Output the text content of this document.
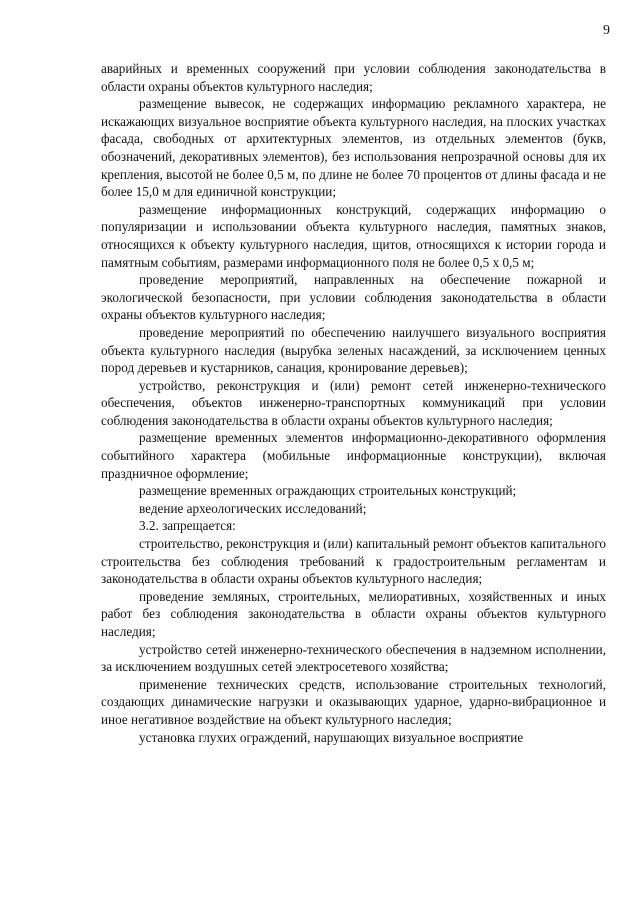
9

аварийных и временных сооружений при условии соблюдения законодательства в области охраны объектов культурного наследия;

размещение вывесок, не содержащих информацию рекламного характера, не искажающих визуальное восприятие объекта культурного наследия, на плоских участках фасада, свободных от архитектурных элементов, из отдельных элементов (букв, обозначений, декоративных элементов), без использования непрозрачной основы для их крепления, высотой не более 0,5 м, по длине не более 70 процентов от длины фасада и не более 15,0 м для единичной конструкции;

размещение информационных конструкций, содержащих информацию о популяризации и использовании объекта культурного наследия, памятных знаков, относящихся к объекту культурного наследия, щитов, относящихся к истории города и памятным событиям, размерами информационного поля не более 0,5 х 0,5 м;

проведение мероприятий, направленных на обеспечение пожарной и экологической безопасности, при условии соблюдения законодательства в области охраны объектов культурного наследия;

проведение мероприятий по обеспечению наилучшего визуального восприятия объекта культурного наследия (вырубка зеленых насаждений, за исключением ценных пород деревьев и кустарников, санация, кронирование деревьев);

устройство, реконструкция и (или) ремонт сетей инженерно-технического обеспечения, объектов инженерно-транспортных коммуникаций при условии соблюдения законодательства в области охраны объектов культурного наследия;

размещение временных элементов информационно-декоративного оформления событийного характера (мобильные информационные конструкции), включая праздничное оформление;

размещение временных ограждающих строительных конструкций;

ведение археологических исследований;

3.2. запрещается:

строительство, реконструкция и (или) капитальный ремонт объектов капитального строительства без соблюдения требований к градостроительным регламентам и законодательства в области охраны объектов культурного наследия;

проведение земляных, строительных, мелиоративных, хозяйственных и иных работ без соблюдения законодательства в области охраны объектов культурного наследия;

устройство сетей инженерно-технического обеспечения в надземном исполнении, за исключением воздушных сетей электросетевого хозяйства;

применение технических средств, использование строительных технологий, создающих динамические нагрузки и оказывающих ударное, ударно-вибрационное и иное негативное воздействие на объект культурного наследия;

установка глухих ограждений, нарушающих визуальное восприятие
